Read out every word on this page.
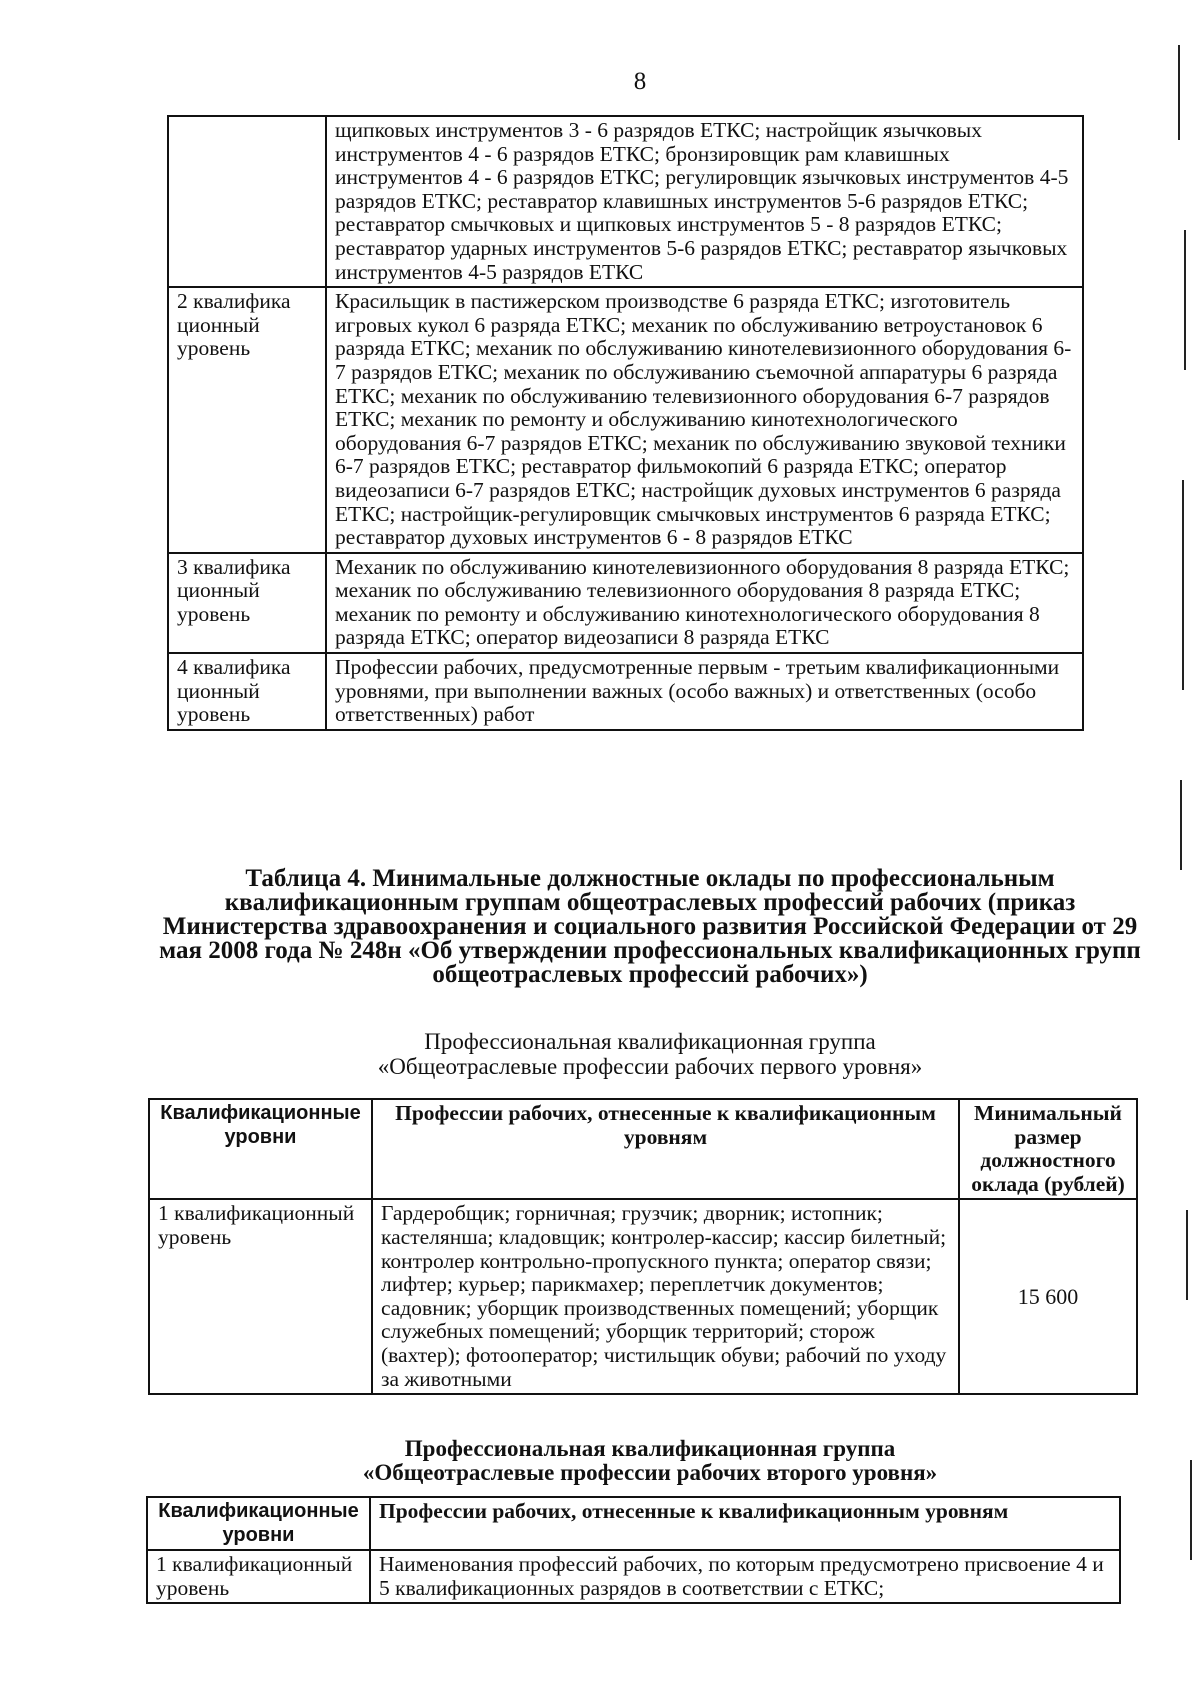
8
	щипковых инструментов 3 - 6 разрядов ЕТКС; настройщик язычковых инструментов 4 - 6 разрядов ЕТКС; бронзировщик рам клавишных инструментов 4 - 6 разрядов ЕТКС; регулировщик язычковых инструментов 4-5 разрядов ЕТКС; реставратор клавишных инструментов 5-6 разрядов ЕТКС; реставратор смычковых и щипковых инструментов 5 - 8 разрядов ЕТКС; реставратор ударных инструментов 5-6 разрядов ЕТКС; реставратор язычковых инструментов 4-5 разрядов ЕТКС
2 квалифика ционный уровень	Красильщик в пастижерском производстве 6 разряда ЕТКС; изготовитель игровых кукол 6 разряда ЕТКС; механик по обслуживанию ветроустановок 6 разряда ЕТКС; механик по обслуживанию кинотелевизионного оборудования 6-7 разрядов ЕТКС; механик по обслуживанию съемочной аппаратуры 6 разряда ЕТКС; механик по обслуживанию телевизионного оборудования 6-7 разрядов ЕТКС; механик по ремонту и обслуживанию кинотехнологического оборудования 6-7 разрядов ЕТКС; механик по обслуживанию звуковой техники 6-7 разрядов ЕТКС; реставратор фильмокопий 6 разряда ЕТКС; оператор видеозаписи 6-7 разрядов ЕТКС; настройщик духовых инструментов 6 разряда ЕТКС; настройщик-регулировщик смычковых инструментов 6 разряда ЕТКС; реставратор духовых инструментов 6 - 8 разрядов ЕТКС
3 квалифика ционный уровень	Механик по обслуживанию кинотелевизионного оборудования 8 разряда ЕТКС; механик по обслуживанию телевизионного оборудования 8 разряда ЕТКС; механик по ремонту и обслуживанию кинотехнологического оборудования 8 разряда ЕТКС; оператор видеозаписи 8 разряда ЕТКС
4 квалифика ционный уровень	Профессии рабочих, предусмотренные первым - третьим квалификационными уровнями, при выполнении важных (особо важных) и ответственных (особо ответственных) работ
Таблица 4. Минимальные должностные оклады по профессиональным квалификационным группам общеотраслевых профессий рабочих (приказ Министерства здравоохранения и социального развития Российской Федерации от 29 мая 2008 года № 248н «Об утверждении профессиональных квалификационных групп общеотраслевых профессий рабочих»)
Профессиональная квалификационная группа
«Общеотраслевые профессии рабочих первого уровня»
Квалификационные уровни	Профессии рабочих, отнесенные к квалификационным уровням	Минимальный размер должностного оклада (рублей)
1 квалификационный уровень	Гардеробщик; горничная; грузчик; дворник; истопник; кастелянша; кладовщик; контролер-кассир; кассир билетный; контролер контрольно-пропускного пункта; оператор связи; лифтер; курьер; парикмахер; переплетчик документов; садовник; уборщик производственных помещений; уборщик служебных помещений; уборщик территорий; сторож (вахтер); фотооператор; чистильщик обуви; рабочий по уходу за животными	15 600
Профессиональная квалификационная группа
«Общеотраслевые профессии рабочих второго уровня»
Квалификационные уровни	Профессии рабочих, отнесенные к квалификационным уровням
1 квалификационный уровень	Наименования профессий рабочих, по которым предусмотрено присвоение 4 и 5 квалификационных разрядов в соответствии с ЕТКС;
